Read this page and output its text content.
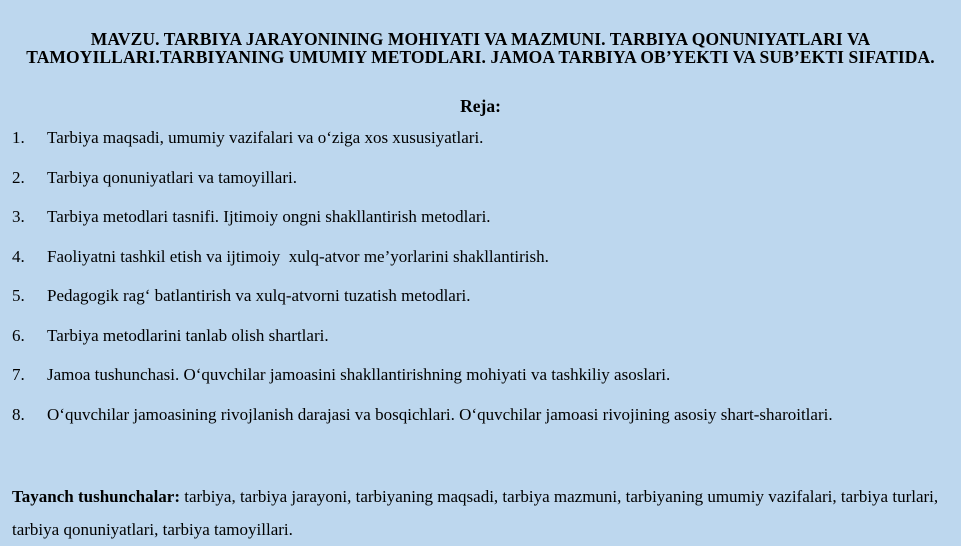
MAVZU. TARBIYA JARAYONINING MOHIYATI VA MAZMUNI. TARBIYA QONUNIYATLARI VA TAMOYILLARI.TARBIYANING UMUMIY METODLARI. JAMOA TARBIYA OB’YEKTI VA SUB’EKTI SIFATIDA.
Reja:
1.	Tarbiya maqsadi, umumiy vazifalari va o‘ziga xos xususiyatlari.
2.	Tarbiya qonuniyatlari va tamoyillari.
3.	Tarbiya metodlari tasnifi. Ijtimoiy ongni shakllantirish metodlari.
4.	Faoliyatni tashkil etish va ijtimoiy  xulq-atvor me’yorlarini shakllantirish.
5.	Pedagogik rag‘ batlantirish va xulq-atvorni tuzatish metodlari.
6.	Tarbiya metodlarini tanlab olish shartlari.
7.	Jamoa tushunchasi. O‘quvchilar jamoasini shakllantirishning mohiyati va tashkiliy asoslari.
8.	O‘quvchilar jamoasining rivojlanish darajasi va bosqichlari. O‘quvchilar jamoasi rivojining asosiy shart-sharoitlari.
Tayanch tushunchalar: tarbiya, tarbiya jarayoni, tarbiyaning maqsadi, tarbiya mazmuni, tarbiyaning umumiy vazifalari, tarbiya turlari, tarbiya qonuniyatlari, tarbiya tamoyillari.
